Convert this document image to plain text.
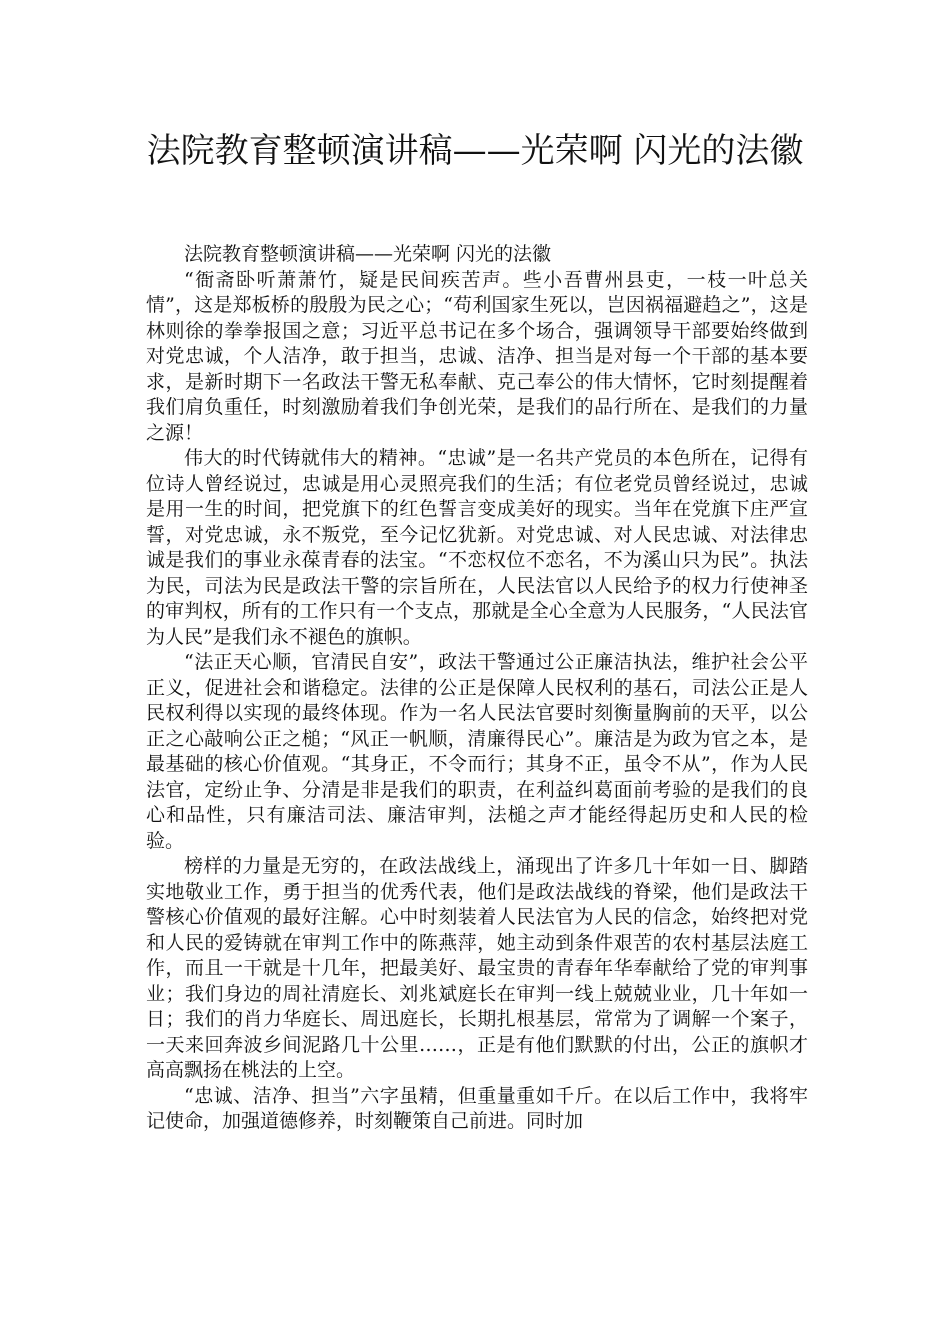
法院教育整顿演讲稿——光荣啊 闪光的法徽

法院教育整顿演讲稿——光荣啊 闪光的法徽

“衙斋卧听萧萧竹，疑是民间疾苦声。些小吾曹州县吏，一枝一叶总关情”，这是郑板桥的殷殷为民之心；“苟利国家生死以，岂因祸福避趋之”，这是林则徐的拳拳报国之意；习近平总书记在多个场合，强调领导干部要始终做到对党忠诚，个人洁净，敢于担当，忠诚、洁净、担当是对每一个干部的基本要求，是新时期下一名政法干警无私奉献、克己奉公的伟大情怀，它时刻提醒着我们肩负重任，时刻激励着我们争创光荣，是我们的品行所在、是我们的力量之源！

伟大的时代铸就伟大的精神。“忠诚”是一名共产党员的本色所在，记得有位诗人曾经说过，忠诚是用心灵照亮我们的生活；有位老党员曾经说过，忠诚是用一生的时间，把党旗下的红色誓言变成美好的现实。当年在党旗下庄严宣誓，对党忠诚，永不叛党，至今记忆犹新。对党忠诚、对人民忠诚、对法律忠诚是我们的事业永葆青春的法宝。“不恋权位不恋名，不为溪山只为民”。执法为民，司法为民是政法干警的宗旨所在，人民法官以人民给予的权力行使神圣的审判权，所有的工作只有一个支点，那就是全心全意为人民服务，“人民法官为人民”是我们永不褪色的旗帜。

“法正天心顺，官清民自安”，政法干警通过公正廉洁执法，维护社会公平正义，促进社会和谐稳定。法律的公正是保障人民权利的基石，司法公正是人民权利得以实现的最终体现。作为一名人民法官要时刻衡量胸前的天平，以公正之心敲响公正之槌；“风正一帆顺，清廉得民心”。廉洁是为政为官之本，是最基础的核心价值观。“其身正，不令而行；其身不正，虽令不从”，作为人民法官，定纷止争、分清是非是我们的职责，在利益纠葛面前考验的是我们的良心和品性，只有廉洁司法、廉洁审判，法槌之声才能经得起历史和人民的检验。

榜样的力量是无穷的，在政法战线上，涌现出了许多几十年如一日、脚踏实地敬业工作，勇于担当的优秀代表，他们是政法战线的脊梁，他们是政法干警核心价值观的最好注解。心中时刻装着人民法官为人民的信念，始终把对党和人民的爱铸就在审判工作中的陈燕萍，她主动到条件艰苦的农村基层法庭工作，而且一干就是十几年，把最美好、最宝贵的青春年华奉献给了党的审判事业；我们身边的周社清庭长、刘兆斌庭长在审判一线上兢兢业业，几十年如一日；我们的肖力华庭长、周迅庭长，长期扎根基层，常常为了调解一个案子，一天来回奔波乡间泥路几十公里……，正是有他们默默的付出，公正的旗帜才高高飘扬在桃法的上空。

“忠诚、洁净、担当”六字虽精，但重量重如千斤。在以后工作中，我将牢记使命，加强道德修养，时刻鞭策自己前进。同时加
